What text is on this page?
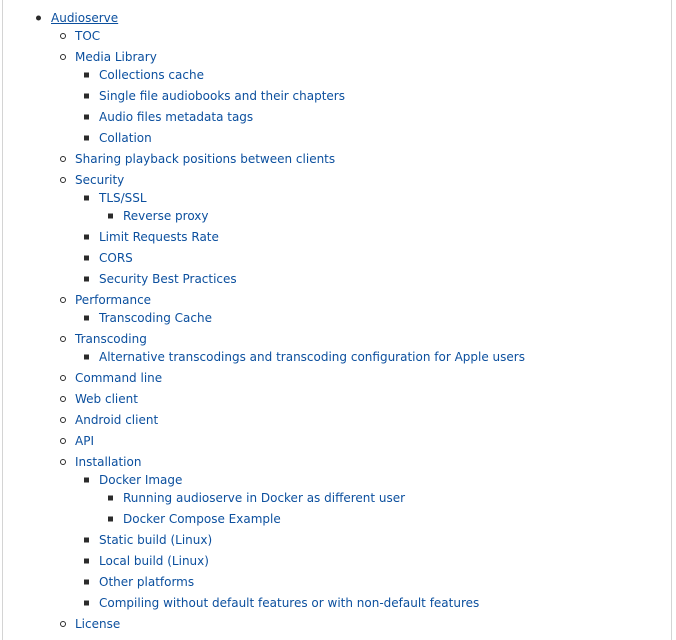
Audioserve
TOC
Media Library
Collections cache
Single file audiobooks and their chapters
Audio files metadata tags
Collation
Sharing playback positions between clients
Security
TLS/SSL
Reverse proxy
Limit Requests Rate
CORS
Security Best Practices
Performance
Transcoding Cache
Transcoding
Alternative transcodings and transcoding configuration for Apple users
Command line
Web client
Android client
API
Installation
Docker Image
Running audioserve in Docker as different user
Docker Compose Example
Static build (Linux)
Local build (Linux)
Other platforms
Compiling without default features or with non-default features
License
